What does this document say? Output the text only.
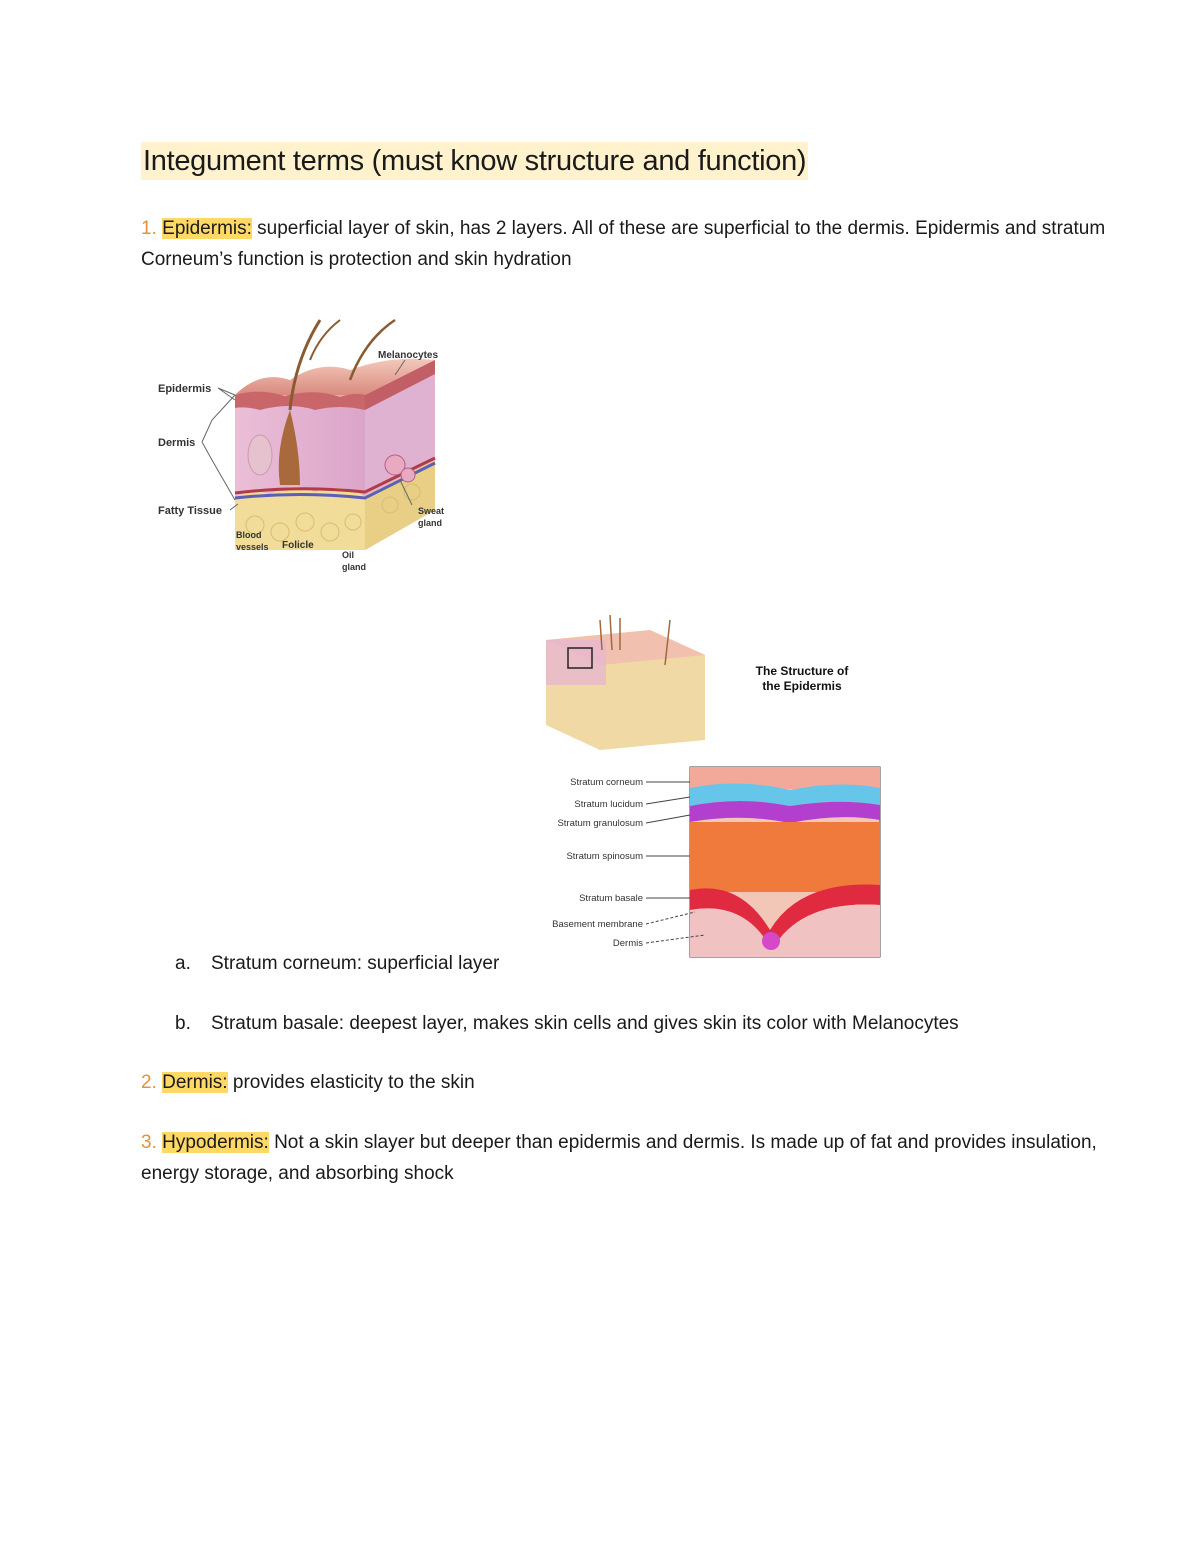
Integument terms (must know structure and function)
1. Epidermis: superficial layer of skin, has 2 layers. All of these are superficial to the dermis. Epidermis and stratum
Corneum’s function is protection and skin hydration
Epidermis
Dermis
Fatty Tissue
Melanocytes
Blood
vessels Folicle
Oil
gland
Sweat
gland
The Structure of
the Epidermis
Stratum corneum
Stratum lucidum
Stratum granulosum
Stratum spinosum
Stratum basale
Basement membrane
Dermis
a. Stratum corneum: superficial layer
b. Stratum basale: deepest layer, makes skin cells and gives skin its color with Melanocytes
2. Dermis: provides elasticity to the skin
3. Hypodermis: Not a skin slayer but deeper than epidermis and dermis. Is made up of fat and provides insulation,
energy storage, and absorbing shock
